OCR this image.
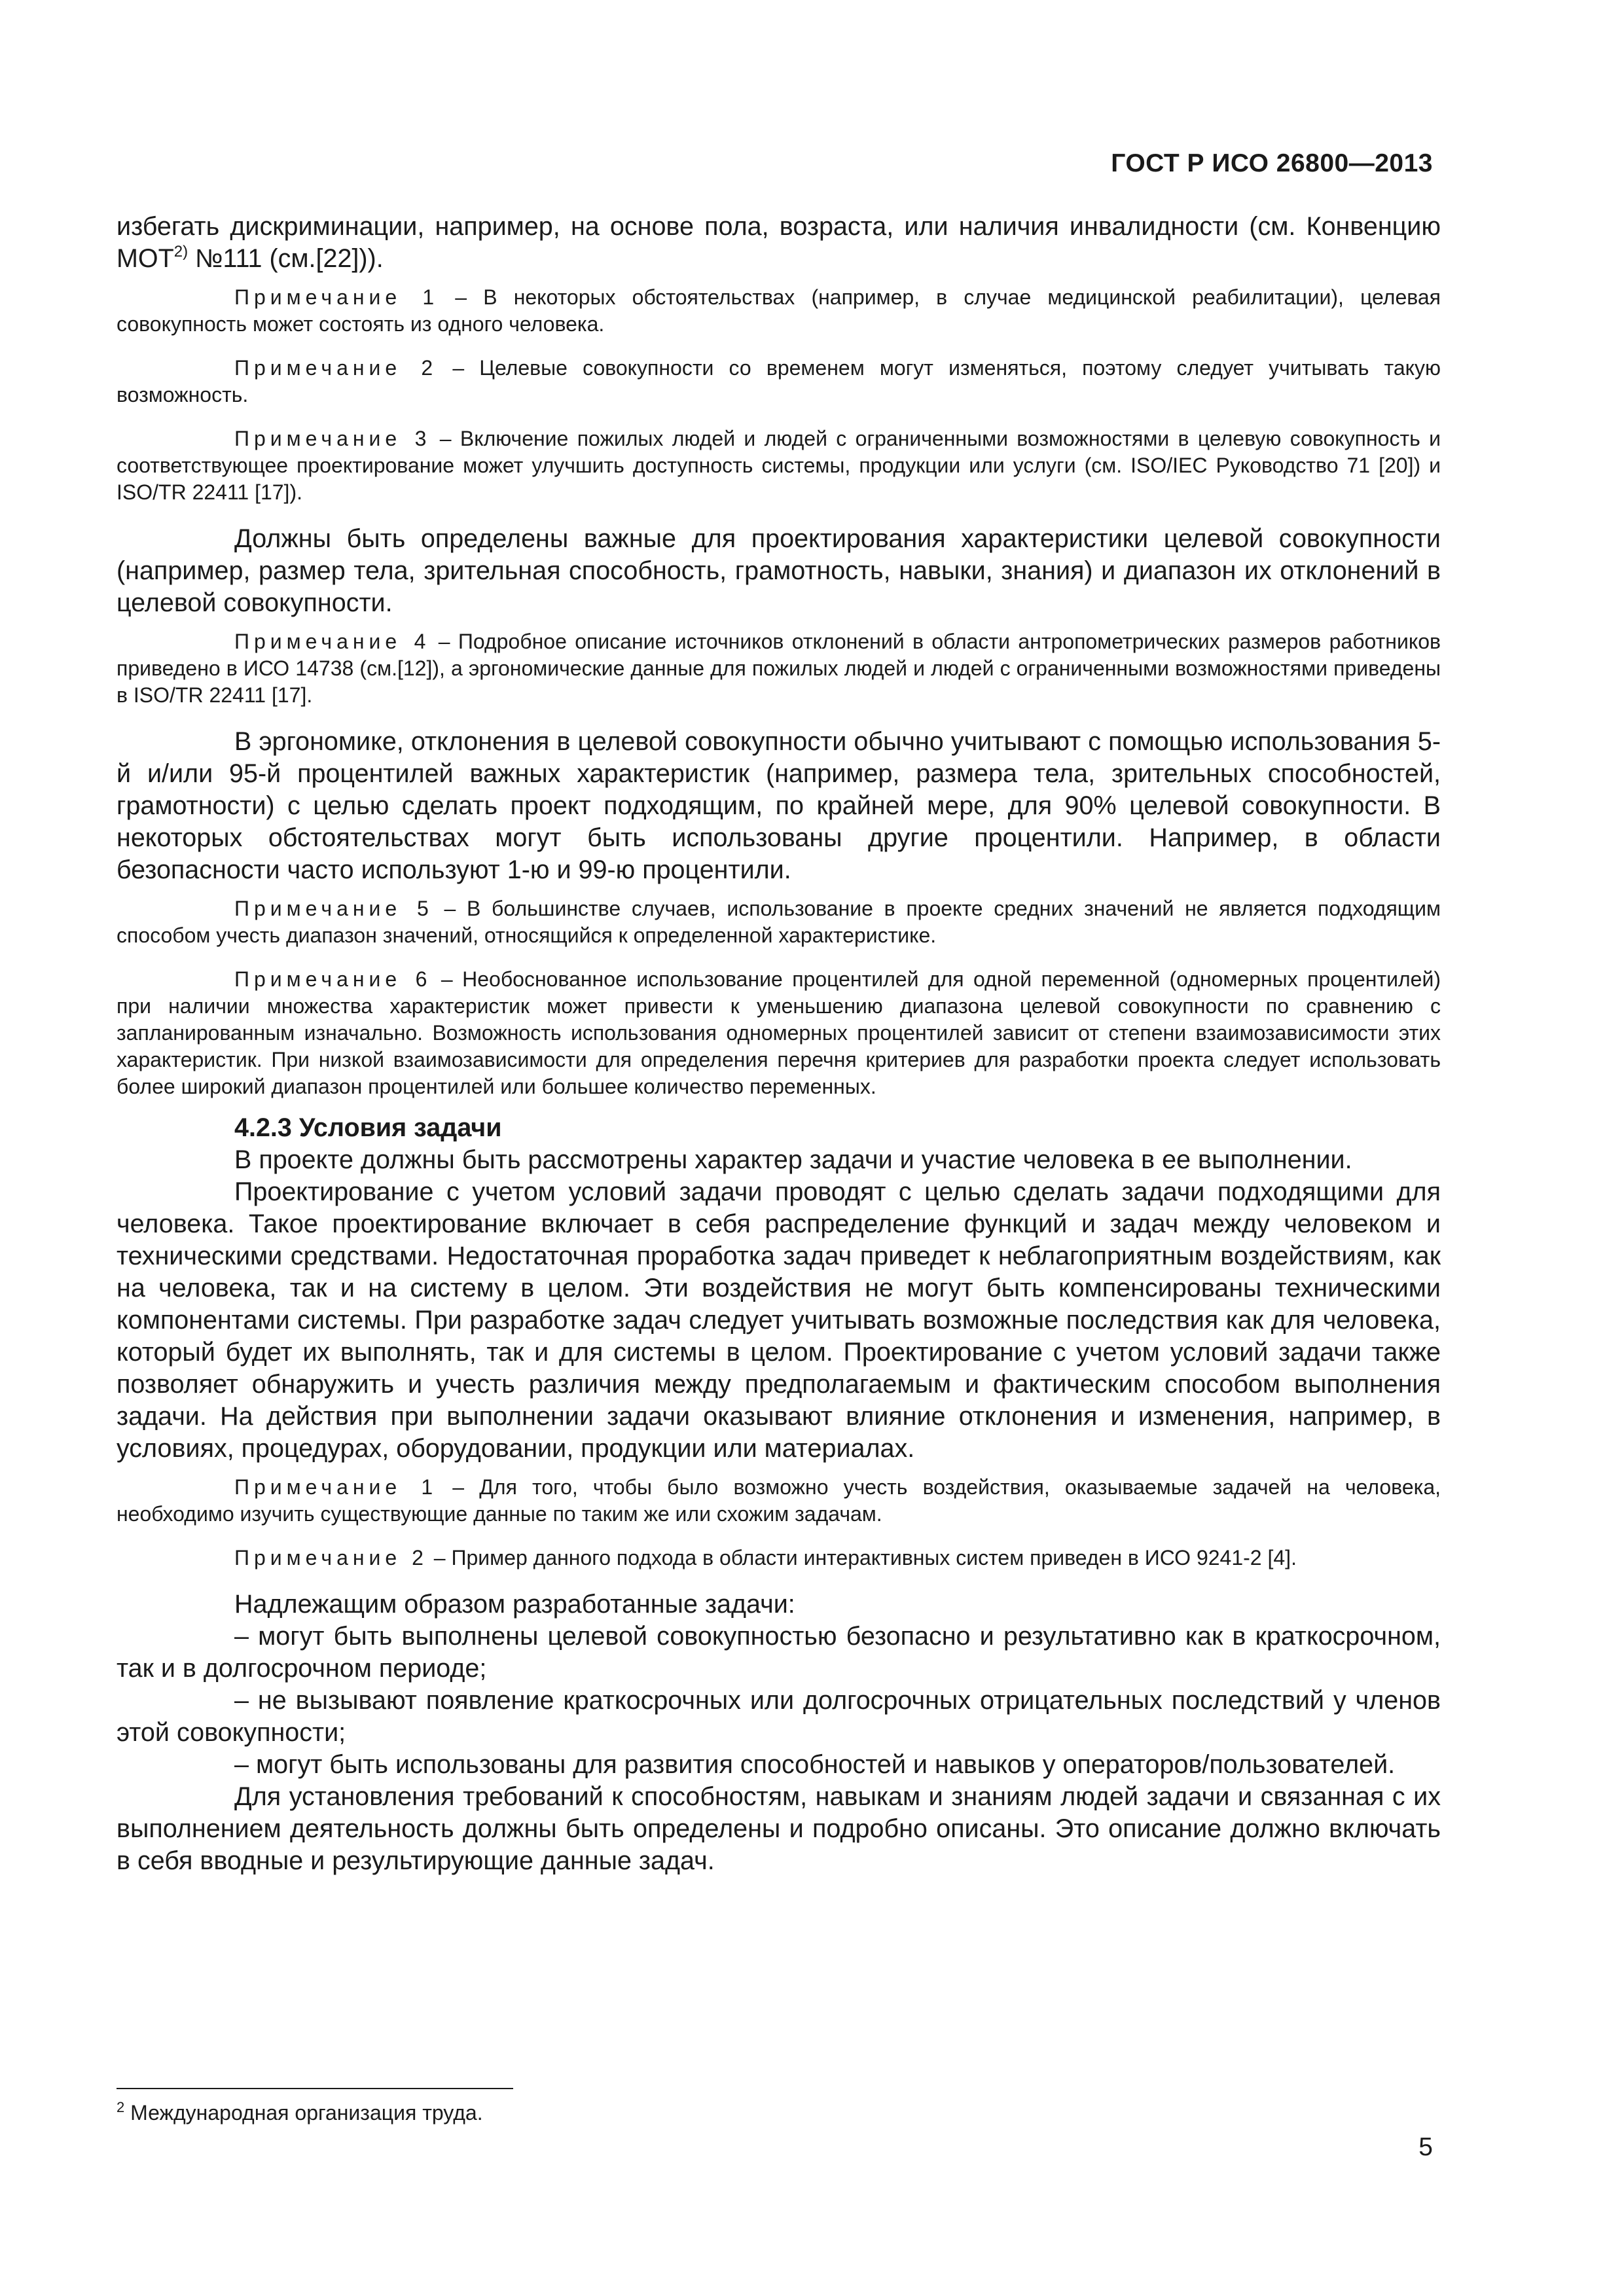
ГОСТ Р ИСО 26800—2013

избегать дискриминации, например, на основе пола, возраста, или наличия инвалидности (см. Конвенцию МОТ$^{2)}$ №111 (см.[22])).

Примечание 1 – В некоторых обстоятельствах (например, в случае медицинской реабилитации), целевая совокупность может состоять из одного человека.

Примечание 2 – Целевые совокупности со временем могут изменяться, поэтому следует учитывать такую возможность.

Примечание 3 – Включение пожилых людей и людей с ограниченными возможностями в целевую совокупность и соответствующее проектирование может улучшить доступность системы, продукции или услуги (см. ISO/IEC Руководство 71 [20]) и ISO/TR 22411 [17]).

Должны быть определены важные для проектирования характеристики целевой совокупности (например, размер тела, зрительная способность, грамотность, навыки, знания) и диапазон их отклонений в целевой совокупности.

Примечание 4 – Подробное описание источников отклонений в области антропометрических размеров работников приведено в ИСО 14738 (см.[12]), а эргономические данные для пожилых людей и людей с ограниченными возможностями приведены в ISO/TR 22411 [17].

В эргономике, отклонения в целевой совокупности обычно учитывают с помощью использования 5-й и/или 95-й процентилей важных характеристик (например, размера тела, зрительных способностей, грамотности) с целью сделать проект подходящим, по крайней мере, для 90% целевой совокупности. В некоторых обстоятельствах могут быть использованы другие процентили. Например, в области безопасности часто используют 1-ю и 99-ю процентили.

Примечание 5 – В большинстве случаев, использование в проекте средних значений не является подходящим способом учесть диапазон значений, относящийся к определенной характеристике.

Примечание 6 – Необоснованное использование процентилей для одной переменной (одномерных процентилей) при наличии множества характеристик может привести к уменьшению диапазона целевой совокупности по сравнению с запланированным изначально. Возможность использования одномерных процентилей зависит от степени взаимозависимости этих характеристик. При низкой взаимозависимости для определения перечня критериев для разработки проекта следует использовать более широкий диапазон процентилей или большее количество переменных.

4.2.3 Условия задачи

В проекте должны быть рассмотрены характер задачи и участие человека в ее выполнении.

Проектирование с учетом условий задачи проводят с целью сделать задачи подходящими для человека. Такое проектирование включает в себя распределение функций и задач между человеком и техническими средствами. Недостаточная проработка задач приведет к неблагоприятным воздействиям, как на человека, так и на систему в целом. Эти воздействия не могут быть компенсированы техническими компонентами системы. При разработке задач следует учитывать возможные последствия как для человека, который будет их выполнять, так и для системы в целом. Проектирование с учетом условий задачи также позволяет обнаружить и учесть различия между предполагаемым и фактическим способом выполнения задачи. На действия при выполнении задачи оказывают влияние отклонения и изменения, например, в условиях, процедурах, оборудовании, продукции или материалах.

Примечание 1 – Для того, чтобы было возможно учесть воздействия, оказываемые задачей на человека, необходимо изучить существующие данные по таким же или схожим задачам.

Примечание 2 – Пример данного подхода в области интерактивных систем приведен в ИСО 9241-2 [4].

Надлежащим образом разработанные задачи:

– могут быть выполнены целевой совокупностью безопасно и результативно как в краткосрочном, так и в долгосрочном периоде;

– не вызывают появление краткосрочных или долгосрочных отрицательных последствий у членов этой совокупности;

– могут быть использованы для развития способностей и навыков у операторов/пользователей.

Для установления требований к способностям, навыкам и знаниям людей задачи и связанная с их выполнением деятельность должны быть определены и подробно описаны. Это описание должно включать в себя вводные и результирующие данные задач.

$^2$ Международная организация труда.
5
